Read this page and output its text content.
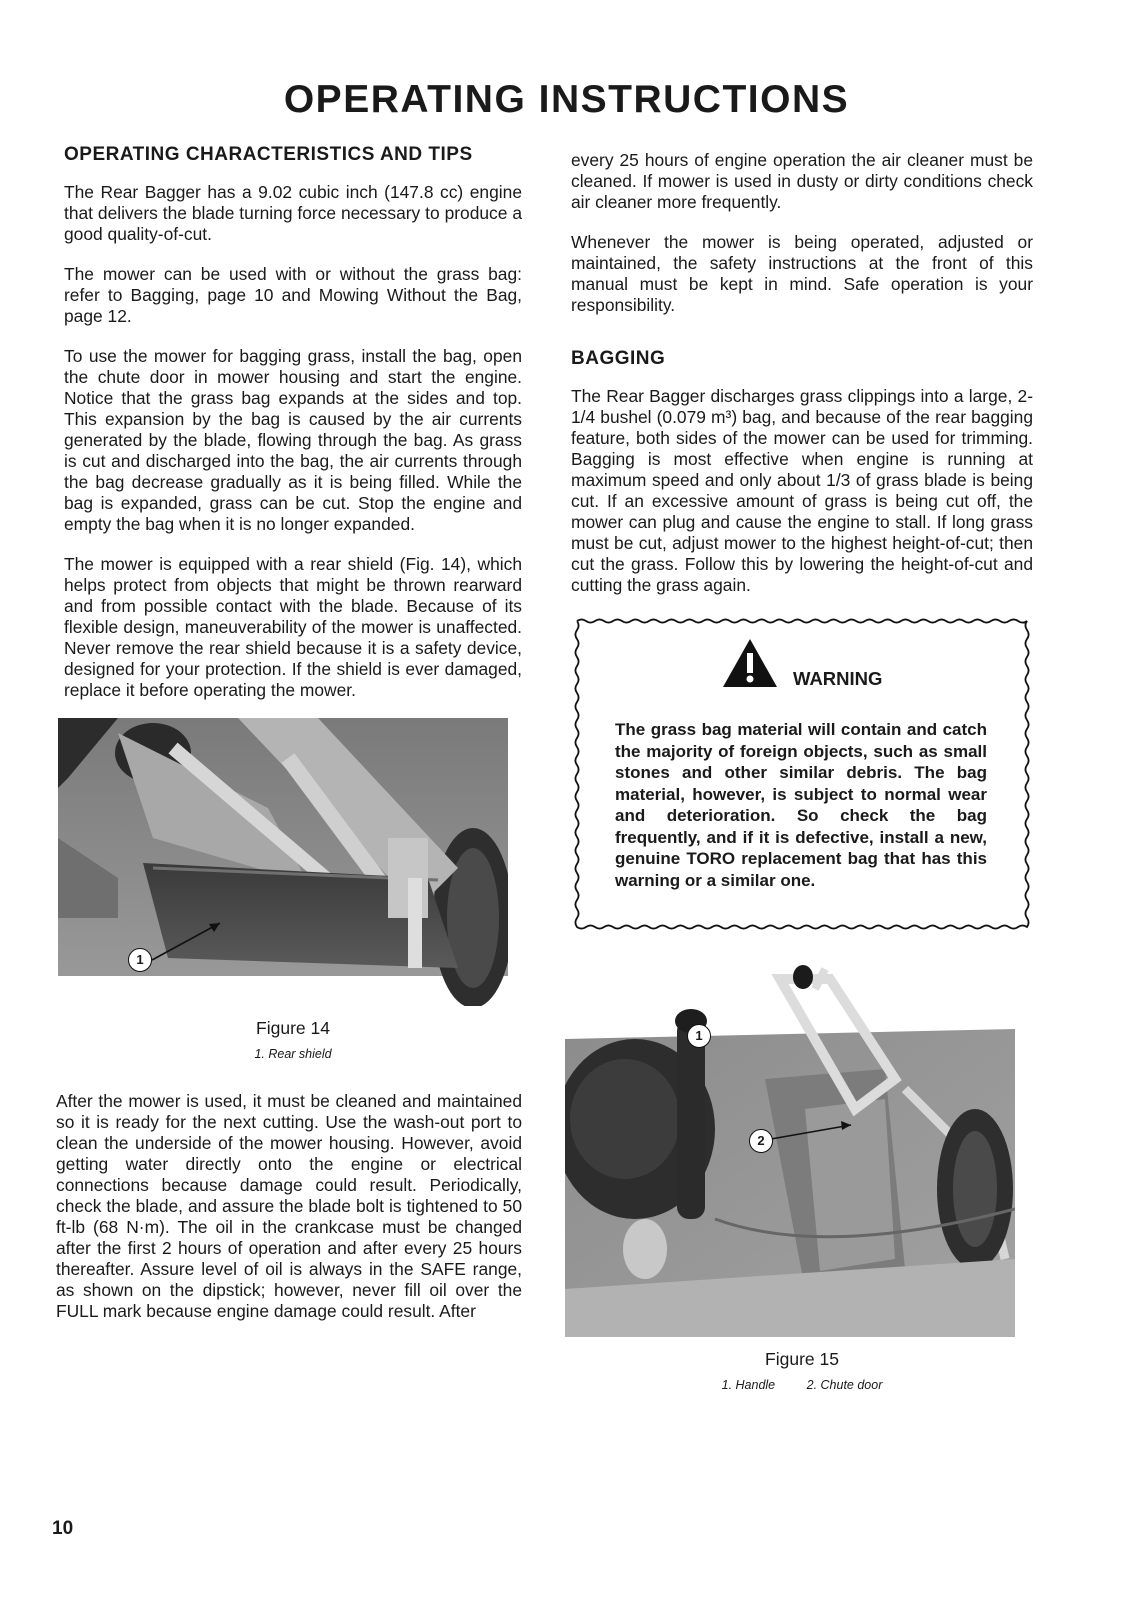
OPERATING INSTRUCTIONS
OPERATING CHARACTERISTICS AND TIPS

The Rear Bagger has a 9.02 cubic inch (147.8 cc) engine that delivers the blade turning force necessary to produce a good quality-of-cut.

The mower can be used with or without the grass bag: refer to Bagging, page 10 and Mowing Without the Bag, page 12.

To use the mower for bagging grass, install the bag, open the chute door in mower housing and start the engine. Notice that the grass bag expands at the sides and top. This expansion by the bag is caused by the air currents generated by the blade, flowing through the bag. As grass is cut and discharged into the bag, the air currents through the bag decrease gradually as it is being filled. While the bag is expanded, grass can be cut. Stop the engine and empty the bag when it is no longer expanded.

The mower is equipped with a rear shield (Fig. 14), which helps protect from objects that might be thrown rearward and from possible contact with the blade. Because of its flexible design, maneuverability of the mower is unaffected. Never remove the rear shield because it is a safety device, designed for your protection. If the shield is ever damaged, replace it before operating the mower.

1

Figure 14

1. Rear shield

After the mower is used, it must be cleaned and maintained so it is ready for the next cutting. Use the wash-out port to clean the underside of the mower housing. However, avoid getting water directly onto the engine or electrical connections because damage could result. Periodically, check the blade, and assure the blade bolt is tightened to 50 ft-lb (68 N·m). The oil in the crankcase must be changed after the first 2 hours of operation and after every 25 hours thereafter. Assure level of oil is always in the SAFE range, as shown on the dipstick; however, never fill oil over the FULL mark because engine damage could result. After

every 25 hours of engine operation the air cleaner must be cleaned. If mower is used in dusty or dirty conditions check air cleaner more frequently.

Whenever the mower is being operated, adjusted or maintained, the safety instructions at the front of this manual must be kept in mind. Safe operation is your responsibility.

BAGGING

The Rear Bagger discharges grass clippings into a large, 2-1/4 bushel (0.079 m³) bag, and because of the rear bagging feature, both sides of the mower can be used for trimming. Bagging is most effective when engine is running at maximum speed and only about 1/3 of grass blade is being cut. If an excessive amount of grass is being cut off, the mower can plug and cause the engine to stall. If long grass must be cut, adjust mower to the highest height-of-cut; then cut the grass. Follow this by lowering the height-of-cut and cutting the grass again.

WARNING

The grass bag material will contain and catch the majority of foreign objects, such as small stones and other similar debris. The bag material, however, is subject to normal wear and deterioration. So check the bag frequently, and if it is defective, install a new, genuine TORO replacement bag that has this warning or a similar one.

2
1

Figure 15

1. Handle	2. Chute door

10
